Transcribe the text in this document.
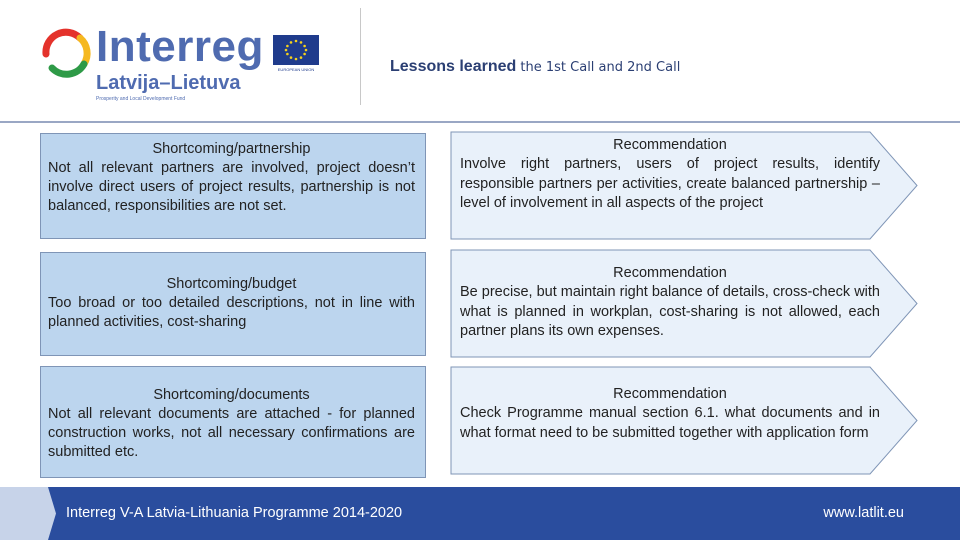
Interreg
Latvija–Lietuva
Prosperity and Local Development Fund
EUROPEAN UNION	Lessons learned the 1st Call and 2nd Call
Shortcoming/partnership
Not all relevant partners are involved, project doesn’t involve direct users of project results, partnership is not balanced, responsibilities are not set.
Recommendation
Involve right partners, users of project results, identify responsible partners per activities, create balanced partnership – level of involvement in all aspects of the project
Shortcoming/budget
Too broad or too detailed descriptions, not in line with planned activities, cost-sharing
Recommendation
Be precise, but maintain right balance of details, cross-check with what is planned in workplan, cost-sharing is not allowed, each partner plans its own expenses.
Shortcoming/documents
Not all relevant documents are attached - for planned construction works, not all necessary confirmations are submitted etc.
Recommendation
Check Programme manual section 6.1. what documents and in what format need to be submitted together with application form
Interreg V-A Latvia-Lithuania Programme 2014-2020	www.latlit.eu
